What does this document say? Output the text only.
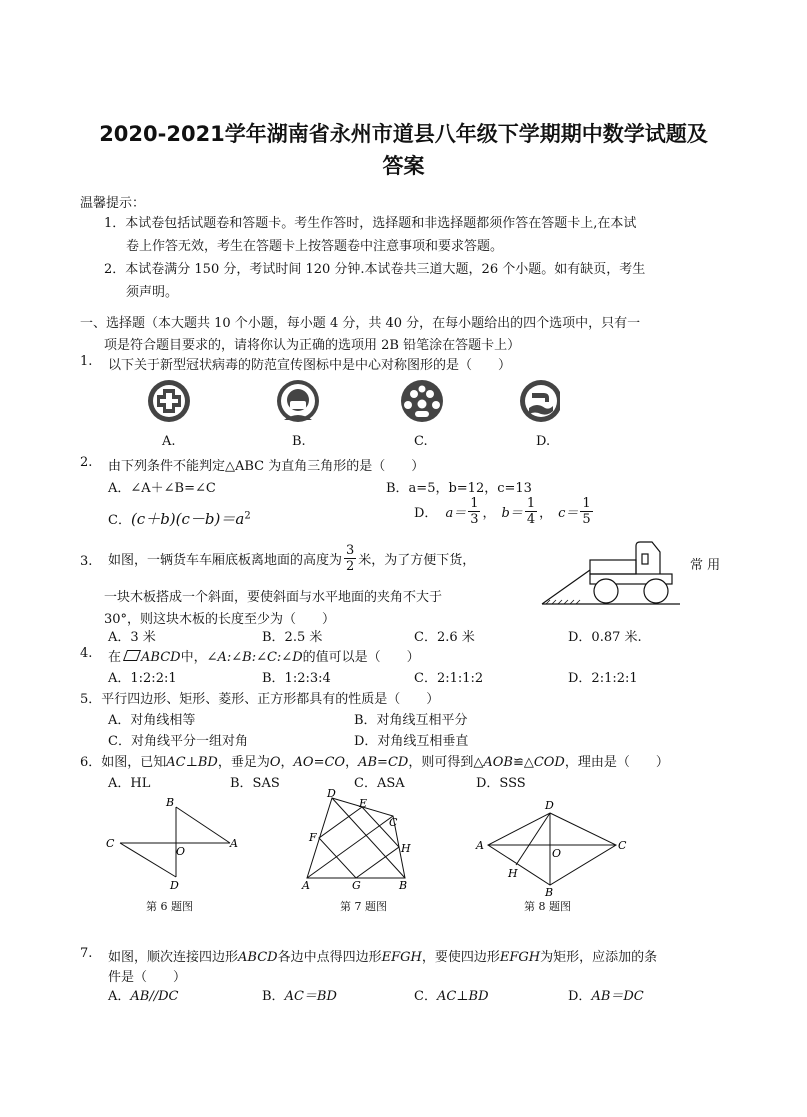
2020-2021学年湖南省永州市道县八年级下学期期中数学试题及
答案
温馨提示：
1．本试卷包括试题卷和答题卡。考生作答时，选择题和非选择题都须作答在答题卡上,在本试
卷上作答无效，考生在答题卡上按答题卷中注意事项和要求答题。
2．本试卷满分 150 分，考试时间 120 分钟.本试卷共三道大题，26 个小题。如有缺页，考生
须声明。
一、选择题（本大题共 10 个小题，每小题 4 分，共 40 分，在每小题给出的四个选项中，只有一
项是符合题目要求的，请将你认为正确的选项用 2B 铅笔涂在答题卡上）
1. 以下关于新型冠状病毒的防范宣传图标中是中心对称图形的是（　　）
A.	B.	C.	D.
2. 由下列条件不能判定△ABC 为直角三角形的是（　　）
A．∠A＋∠B=∠C	B．a=5，b=12，c=13
C．$(c+b)(c-b)=a^2$	D． $a= \frac{1}{3}$ ， $b= \frac{1}{4}$ ， $c= \frac{1}{5}$
3. 如图，一辆货车车厢底板离地面的高度为 $\frac{3}{2}$ 米，为了方便下货，	常 用
一块木板搭成一个斜面，要使斜面与水平地面的夹角不大于
30°，则这块木板的长度至少为（　　）
A．3 米	B．2.5 米	C．2.6 米	D．0.87 米.
4. 在 ABCD中，∠A:∠B:∠C:∠D的值可以是（　　）
A．1:2:2:1	B．1:2:3:4	C．2:1:1:2	D．2:1:2:1
5．平行四边形、矩形、菱形、正方形都具有的性质是（　　）
A．对角线相等	B．对角线互相平分
C．对角线平分一组对角	D．对角线互相垂直
6．如图，已知AC⊥BD，垂足为O，AO=CO，AB=CD，则可得到△AOB≌△COD，理由是（　　）
A．HL	B．SAS	C．ASA	D．SSS
B
C
O
A
D
第 6 题图
D
E
C
F
H
A	G	B
第 7 题图
D
A
O
C
H
B
第 8 题图
7. 如图，顺次连接四边形ABCD各边中点得四边形EFGH，要使四边形EFGH为矩形，应添加的条
件是（　　）
A．AB//DC	B．AC＝BD	C．AC⊥BD	D．AB＝DC
